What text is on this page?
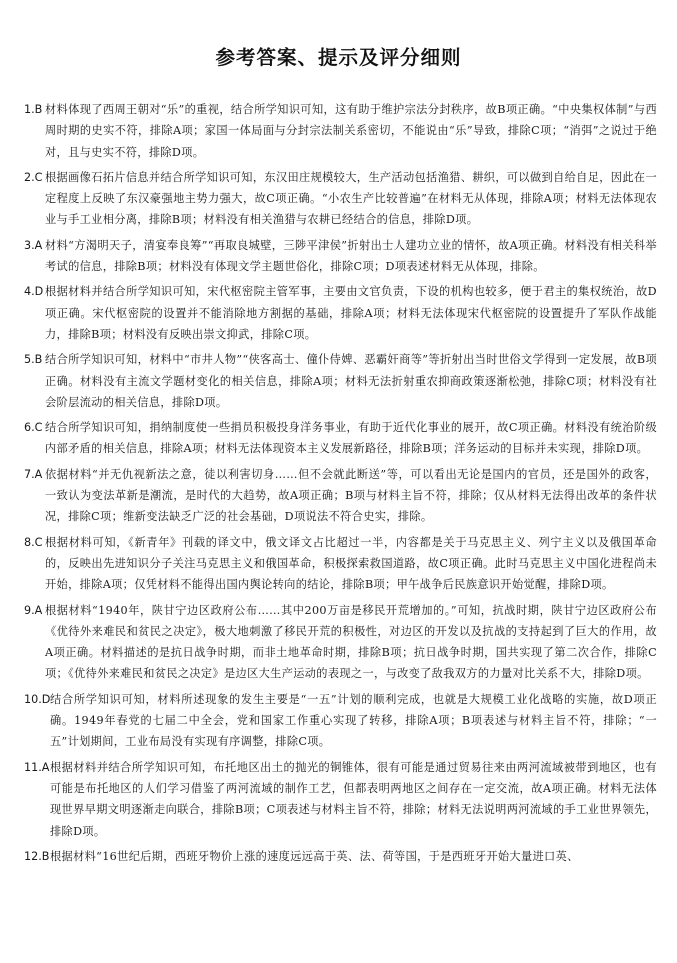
参考答案、提示及评分细则
1.B 材料体现了西周王朝对“乐”的重视，结合所学知识可知，这有助于维护宗法分封秩序，故B项正确。“中央集权体制”与西周时期的史实不符，排除A项；家国一体局面与分封宗法制关系密切，不能说由“乐”导致，排除C项；“消弭”之说过于绝对，且与史实不符，排除D项。
2.C 根据画像石拓片信息并结合所学知识可知，东汉田庄规模较大，生产活动包括渔猎、耕织，可以做到自给自足，因此在一定程度上反映了东汉豪强地主势力强大，故C项正确。“小农生产比较普遍”在材料无从体现，排除A项；材料无法体现农业与手工业相分离，排除B项；材料没有相关渔猎与农耕已经结合的信息，排除D项。
3.A 材料“方渴明天子，清宴奉良筹”“再取良城壁，三陟平津侯”折射出士人建功立业的情怀，故A项正确。材料没有相关科举考试的信息，排除B项；材料没有体现文学主题世俗化，排除C项；D项表述材料无从体现，排除。
4.D 根据材料并结合所学知识可知，宋代枢密院主管军事，主要由文官负责，下设的机构也较多，便于君主的集权统治，故D项正确。宋代枢密院的设置并不能消除地方割据的基础，排除A项；材料无法体现宋代枢密院的设置提升了军队作战能力，排除B项；材料没有反映出崇文抑武，排除C项。
5.B 结合所学知识可知，材料中“市井人物”“侠客高士、僮仆侍婢、恶霸奸商等”等折射出当时世俗文学得到一定发展，故B项正确。材料没有主流文学题材变化的相关信息，排除A项；材料无法折射重农抑商政策逐渐松弛，排除C项；材料没有社会阶层流动的相关信息，排除D项。
6.C 结合所学知识可知，捐纳制度使一些捐员积极投身洋务事业，有助于近代化事业的展开，故C项正确。材料没有统治阶级内部矛盾的相关信息，排除A项；材料无法体现资本主义发展新路径，排除B项；洋务运动的目标并未实现，排除D项。
7.A 依据材料“并无仇视新法之意，徒以利害切身……但不会就此断送”等，可以看出无论是国内的官员，还是国外的政客，一致认为变法革新是潮流，是时代的大趋势，故A项正确；B项与材料主旨不符，排除；仅从材料无法得出改革的条件状况，排除C项；维新变法缺乏广泛的社会基础，D项说法不符合史实，排除。
8.C 根据材料可知，《新青年》刊载的译文中，俄文译文占比超过一半，内容都是关于马克思主义、列宁主义以及俄国革命的，反映出先进知识分子关注马克思主义和俄国革命，积极探索救国道路，故C项正确。此时马克思主义中国化进程尚未开始，排除A项；仅凭材料不能得出国内舆论转向的结论，排除B项；甲午战争后民族意识开始觉醒，排除D项。
9.A 根据材料“1940年，陕甘宁边区政府公布……其中200万亩是移民开荒增加的。”可知，抗战时期，陕甘宁边区政府公布《优待外来难民和贫民之决定》，极大地刺激了移民开荒的积极性，对边区的开发以及抗战的支持起到了巨大的作用，故A项正确。材料描述的是抗日战争时期，而非土地革命时期，排除B项；抗日战争时期，国共实现了第二次合作，排除C项；《优待外来难民和贫民之决定》是边区大生产运动的表现之一，与改变了敌我双方的力量对比关系不大，排除D项。
10.D 结合所学知识可知，材料所述现象的发生主要是“一五”计划的顺利完成，也就是大规模工业化战略的实施，故D项正确。1949年春党的七届二中全会，党和国家工作重心实现了转移，排除A项；B项表述与材料主旨不符，排除；“一五”计划期间，工业布局没有实现有序调整，排除C项。
11.A 根据材料并结合所学知识可知，布托地区出土的抛光的铜锥体，很有可能是通过贸易往来由两河流域被带到地区，也有可能是布托地区的人们学习借鉴了两河流域的制作工艺，但都表明两地区之间存在一定交流，故A项正确。材料无法体现世界早期文明逐渐走向联合，排除B项；C项表述与材料主旨不符，排除；材料无法说明两河流域的手工业世界领先，排除D项。
12.B 根据材料“16世纪后期，西班牙物价上涨的速度远远高于英、法、荷等国，于是西班牙开始大量进口英、
